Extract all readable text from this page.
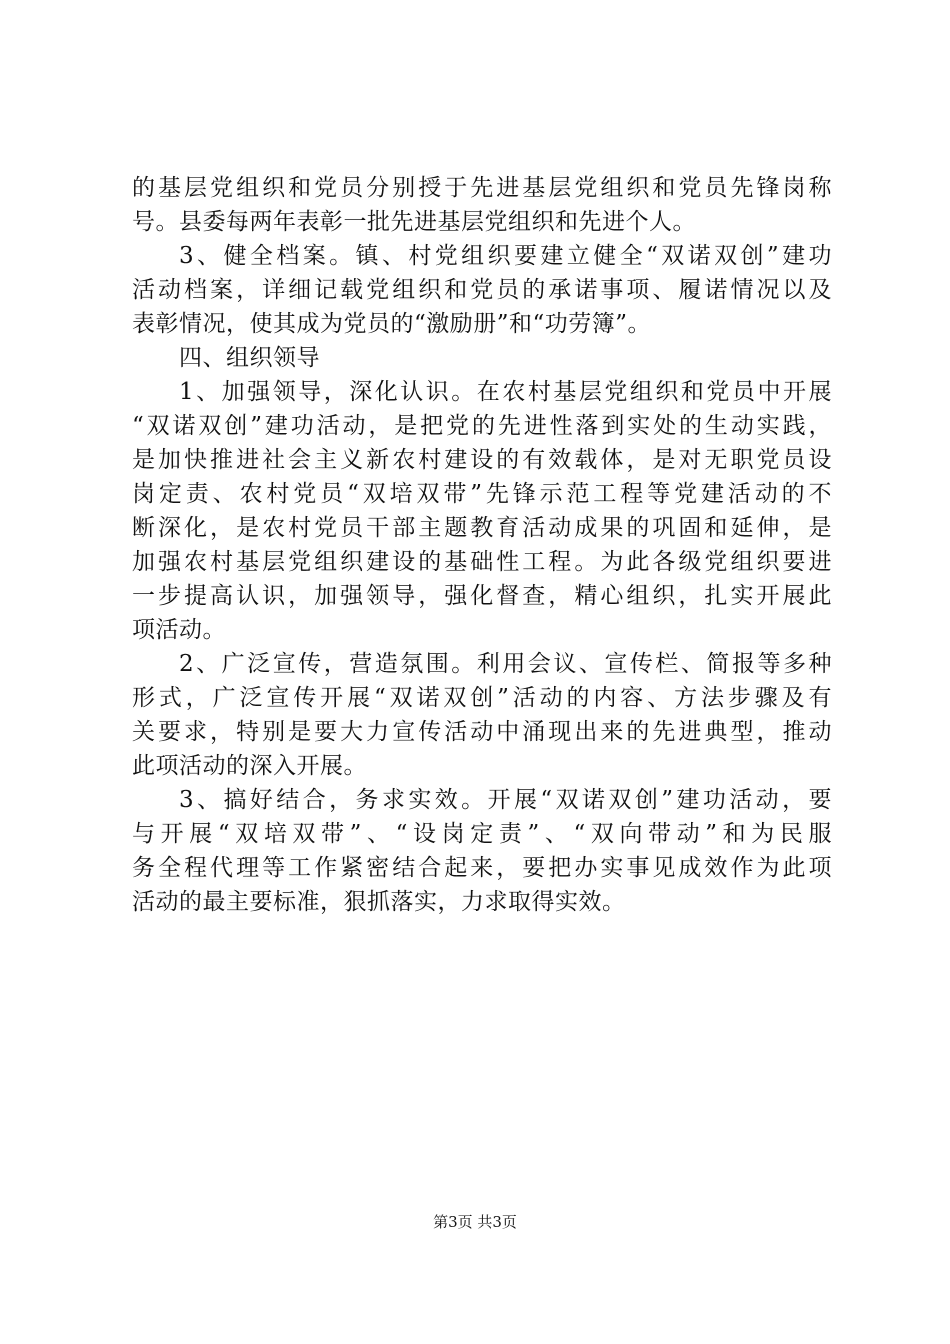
的基层党组织和党员分别授于先进基层党组织和党员先锋岗称
号。县委每两年表彰一批先进基层党组织和先进个人。
3、健全档案。镇、村党组织要建立健全“双诺双创”建功
活动档案，详细记载党组织和党员的承诺事项、履诺情况以及
表彰情况，使其成为党员的“激励册”和“功劳簿”。
四、组织领导
1、加强领导，深化认识。在农村基层党组织和党员中开展
“双诺双创”建功活动，是把党的先进性落到实处的生动实践，
是加快推进社会主义新农村建设的有效载体，是对无职党员设
岗定责、农村党员“双培双带”先锋示范工程等党建活动的不
断深化，是农村党员干部主题教育活动成果的巩固和延伸，是
加强农村基层党组织建设的基础性工程。为此各级党组织要进
一步提高认识，加强领导，强化督查，精心组织，扎实开展此
项活动。
2、广泛宣传，营造氛围。利用会议、宣传栏、简报等多种
形式，广泛宣传开展“双诺双创”活动的内容、方法步骤及有
关要求，特别是要大力宣传活动中涌现出来的先进典型，推动
此项活动的深入开展。
3、搞好结合，务求实效。开展“双诺双创”建功活动，要
与开展“双培双带”、“设岗定责”、“双向带动”和为民服
务全程代理等工作紧密结合起来，要把办实事见成效作为此项
活动的最主要标准，狠抓落实，力求取得实效。
第3页 共3页
